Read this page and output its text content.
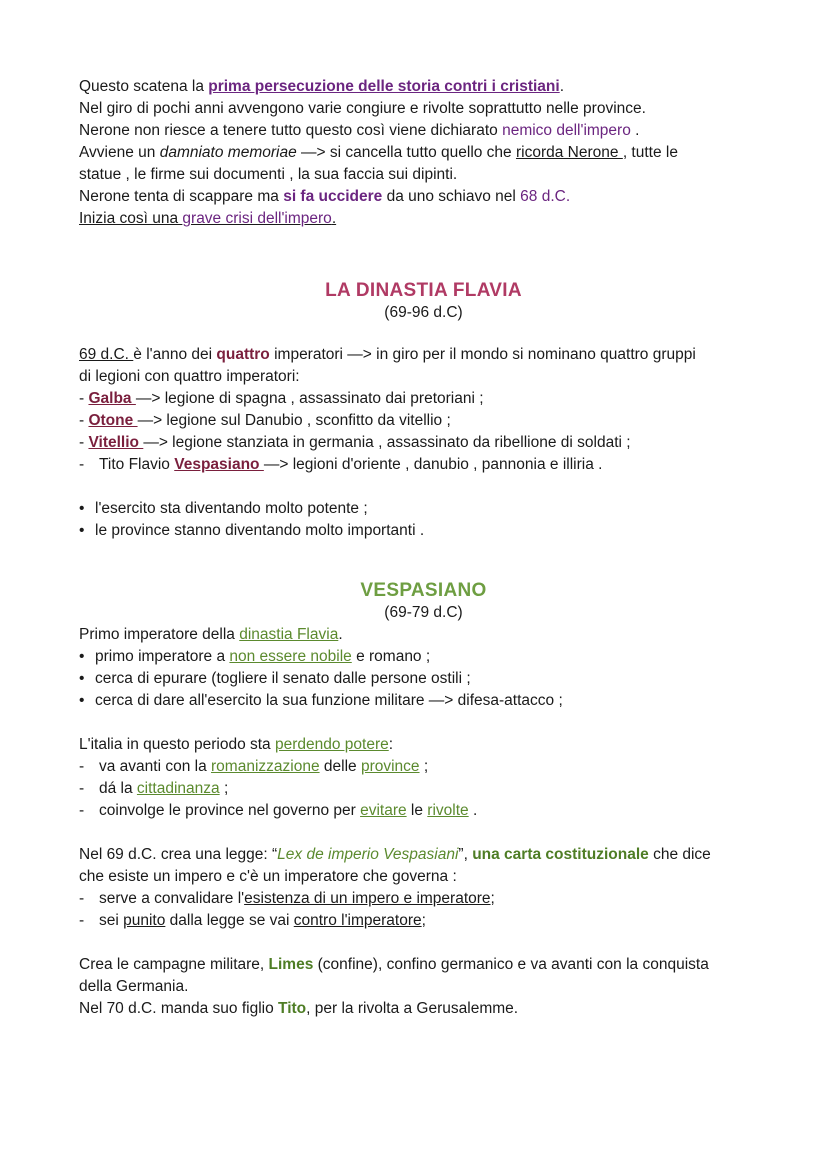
Questo scatena la prima persecuzione delle storia contri i cristiani.

Nel giro di pochi anni avvengono varie congiure e rivolte soprattutto nelle province.

Nerone non riesce a tenere tutto questo così viene dichiarato nemico dell'impero .

Avviene un damniato memoriae —> si cancella tutto quello che ricorda Nerone , tutte le

statue , le firme sui documenti , la sua faccia sui dipinti.

Nerone tenta di scappare ma si fa uccidere da uno schiavo nel 68 d.C.

Inizia così una grave crisi dell'impero.

LA DINASTIA FLAVIA

(69-96 d.C)

69 d.C. è l'anno dei quattro imperatori —> in giro per il mondo si nominano quattro gruppi

di legioni con quattro imperatori:

- Galba —> legione di spagna , assassinato dai pretoriani ;

- Otone —> legione sul Danubio , sconfitto da vitellio ;

- Vitellio —> legione stanziata in germania , assassinato da ribellione di soldati ;

- Tito Flavio Vespasiano —> legioni d'oriente , danubio , pannonia e illiria .

• l'esercito sta diventando molto potente ;

• le province stanno diventando molto importanti .

VESPASIANO

(69-79 d.C)

Primo imperatore della dinastia Flavia.

• primo imperatore a non essere nobile e romano ;

• cerca di epurare (togliere il senato dalle persone ostili ;

• cerca di dare all'esercito la sua funzione militare —> difesa-attacco ;

L'italia in questo periodo sta perdendo potere:

- va avanti con la romanizzazione delle province ;

- dá la cittadinanza ;

- coinvolge le province nel governo per evitare le rivolte .

Nel 69 d.C. crea una legge: “Lex de imperio Vespasiani”, una carta costituzionale che dice

che esiste un impero e c'è un imperatore che governa :

- serve a convalidare l'esistenza di un impero e imperatore;

- sei punito dalla legge se vai contro l'imperatore;

Crea le campagne militare, Limes (confine), confino germanico e va avanti con la conquista

della Germania.

Nel 70 d.C. manda suo figlio Tito, per la rivolta a Gerusalemme.
